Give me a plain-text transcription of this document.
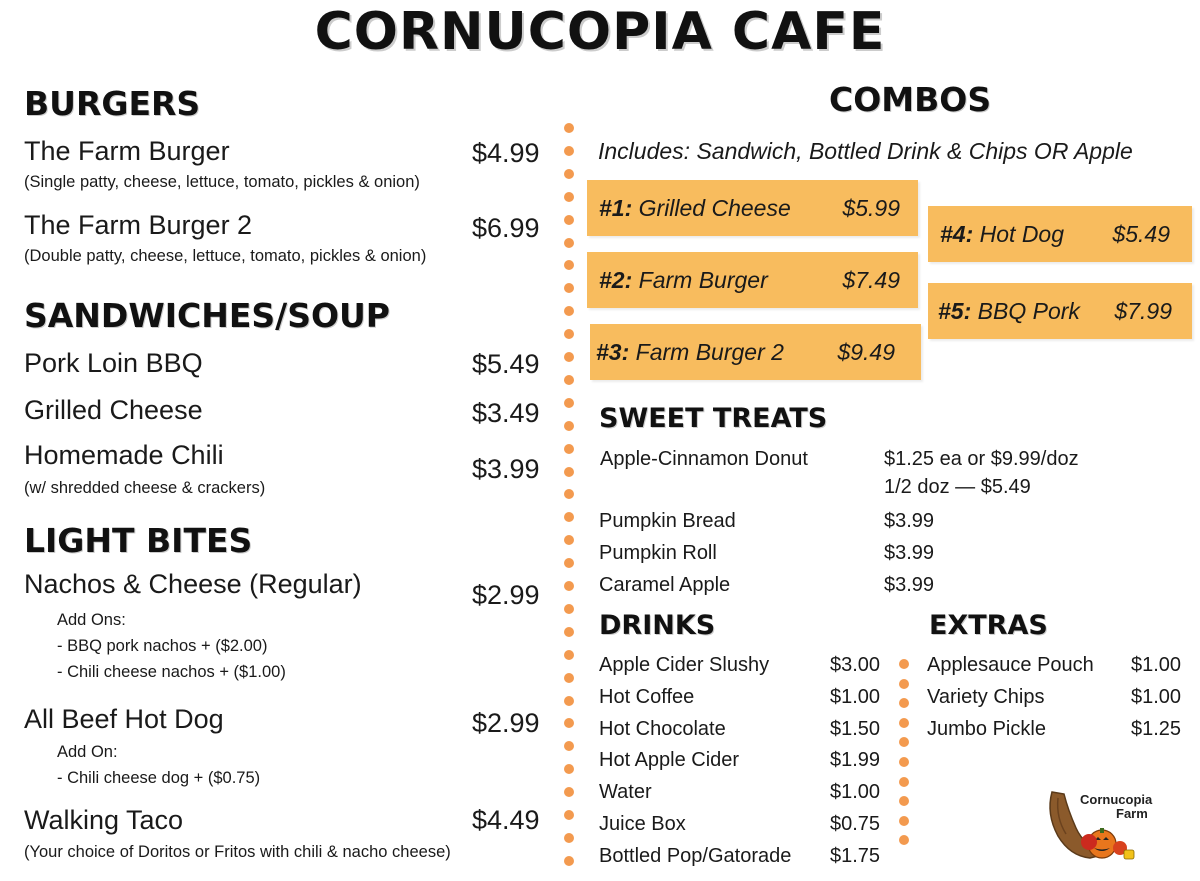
CORNUCOPIA CAFE
BURGERS
The Farm Burger	$4.99
(Single patty, cheese, lettuce, tomato, pickles & onion)
The Farm Burger 2	$6.99
(Double patty, cheese, lettuce, tomato, pickles & onion)
SANDWICHES/SOUP
Pork Loin BBQ	$5.49
Grilled Cheese	$3.49
Homemade Chili	$3.99
(w/ shredded cheese & crackers)
LIGHT BITES
Nachos & Cheese (Regular)	$2.99
Add Ons:
- BBQ pork nachos + ($2.00)
- Chili cheese nachos + ($1.00)
All Beef Hot Dog	$2.99
Add On:
- Chili cheese dog + ($0.75)
Walking Taco	$4.49
(Your choice of Doritos or Fritos with chili & nacho cheese)
COMBOS
Includes: Sandwich, Bottled Drink & Chips OR Apple
#1: Grilled Cheese $5.99
#2: Farm Burger	$7.49
#3: Farm Burger 2 $9.49
#4: Hot Dog $5.49
#5: BBQ Pork $7.99
SWEET TREATS
Apple-Cinnamon Donut	$1.25 ea or $9.99/doz
1/2 doz — $5.49
Pumpkin Bread	$3.99
Pumpkin Roll	$3.99
Caramel Apple	$3.99
DRINKS
Apple Cider Slushy	$3.00
Hot Coffee	$1.00
Hot Chocolate	$1.50
Hot Apple Cider	$1.99
Water	$1.00
Juice Box	$0.75
Bottled Pop/Gatorade $1.75
EXTRAS
Applesauce Pouch $1.00
Variety Chips	$1.00
Jumbo Pickle	$1.25
Cornucopia
Farm
